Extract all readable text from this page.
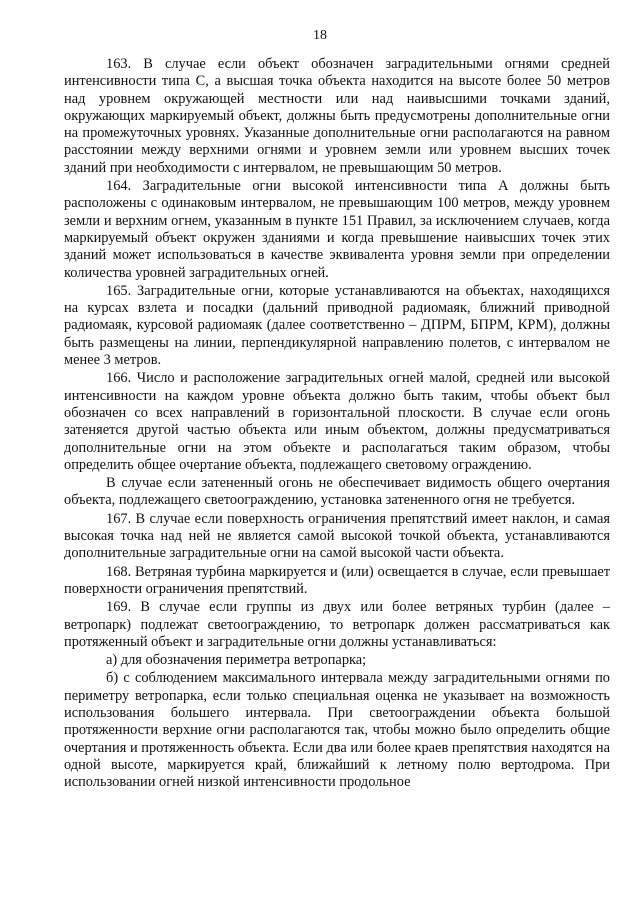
18

163. В случае если объект обозначен заградительными огнями средней интенсивности типа С, а высшая точка объекта находится на высоте более 50 метров над уровнем окружающей местности или над наивысшими точками зданий, окружающих маркируемый объект, должны быть предусмотрены дополнительные огни на промежуточных уровнях. Указанные дополнительные огни располагаются на равном расстоянии между верхними огнями и уровнем земли или уровнем высших точек зданий при необходимости с интервалом, не превышающим 50 метров.

164. Заградительные огни высокой интенсивности типа А должны быть расположены с одинаковым интервалом, не превышающим 100 метров, между уровнем земли и верхним огнем, указанным в пункте 151 Правил, за исключением случаев, когда маркируемый объект окружен зданиями и когда превышение наивысших точек этих зданий может использоваться в качестве эквивалента уровня земли при определении количества уровней заградительных огней.

165. Заградительные огни, которые устанавливаются на объектах, находящихся на курсах взлета и посадки (дальний приводной радиомаяк, ближний приводной радиомаяк, курсовой радиомаяк (далее соответственно – ДПРМ, БПРМ, КРМ), должны быть размещены на линии, перпендикулярной направлению полетов, с интервалом не менее 3 метров.

166. Число и расположение заградительных огней малой, средней или высокой интенсивности на каждом уровне объекта должно быть таким, чтобы объект был обозначен со всех направлений в горизонтальной плоскости. В случае если огонь затеняется другой частью объекта или иным объектом, должны предусматриваться дополнительные огни на этом объекте и располагаться таким образом, чтобы определить общее очертание объекта, подлежащего световому ограждению.

В случае если затененный огонь не обеспечивает видимость общего очертания объекта, подлежащего светоограждению, установка затененного огня не требуется.

167. В случае если поверхность ограничения препятствий имеет наклон, и самая высокая точка над ней не является самой высокой точкой объекта, устанавливаются дополнительные заградительные огни на самой высокой части объекта.

168. Ветряная турбина маркируется и (или) освещается в случае, если превышает поверхности ограничения препятствий.

169. В случае если группы из двух или более ветряных турбин (далее – ветропарк) подлежат светоограждению, то ветропарк должен рассматриваться как протяженный объект и заградительные огни должны устанавливаться:

а) для обозначения периметра ветропарка;

б) с соблюдением максимального интервала между заградительными огнями по периметру ветропарка, если только специальная оценка не указывает на возможность использования большего интервала. При светоограждении объекта большой протяженности верхние огни располагаются так, чтобы можно было определить общие очертания и протяженность объекта. Если два или более краев препятствия находятся на одной высоте, маркируется край, ближайший к летному полю вертодрома. При использовании огней низкой интенсивности продольное
